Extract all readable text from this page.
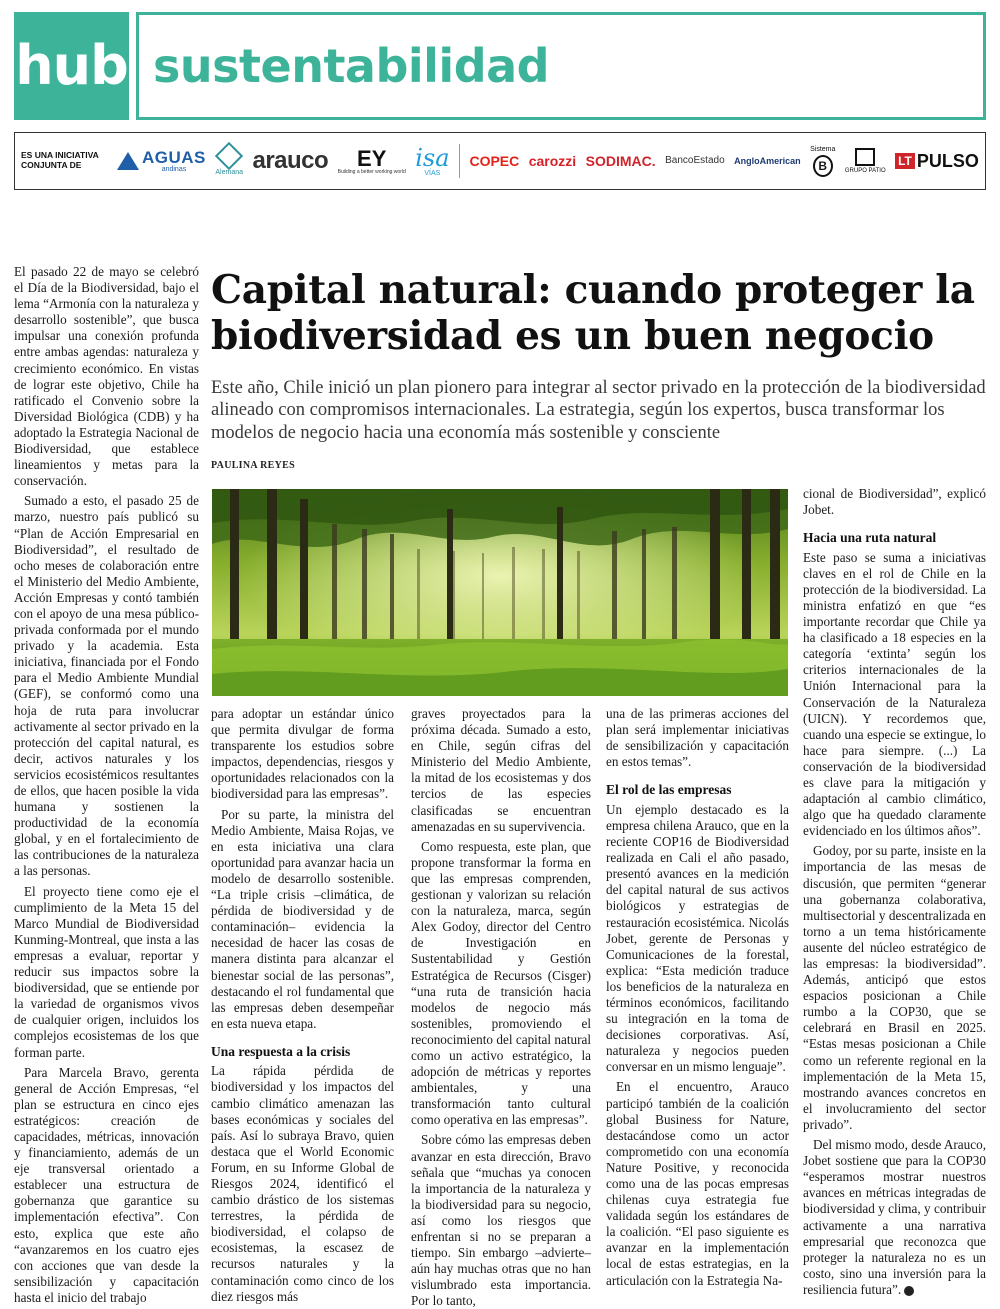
hub sustentabilidad
ES UNA INICIATIVA CONJUNTA DE	AGUAS
andinas	Alemana arauco EY
Building a better working world isa
VÍAS
COPEC carozzi SODIMAC. BancoEstado AngloAmerican
Sistema
B	GRUPO PATIO
LT PULSO
Capital natural: cuando proteger la biodiversidad es un buen negocio
Este año, Chile inició un plan pionero para integrar al sector privado en la protección de la biodiversidad alineado con compromisos internacionales. La estrategia, según los expertos, busca transformar los modelos de negocio hacia una economía más sostenible y consciente
PAULINA REYES

El pasado 22 de mayo se celebró el Día de la Biodiversidad, bajo el lema “Armonía con la naturaleza y desarrollo sostenible”, que busca impulsar una conexión profunda entre ambas agendas: naturaleza y crecimiento económico. En vistas de lograr este objetivo, Chile ha ratificado el Convenio sobre la Diversidad Biológica (CDB) y ha adoptado la Estrategia Nacional de Biodiversidad, que establece lineamientos y metas para la conservación.

Sumado a esto, el pasado 25 de marzo, nuestro país publicó su “Plan de Acción Empresarial en Biodiversidad”, el resultado de ocho meses de colaboración entre el Ministerio del Medio Ambiente, Acción Empresas y contó también con el apoyo de una mesa público-privada conformada por el mundo privado y la academia. Esta iniciativa, financiada por el Fondo para el Medio Ambiente Mundial (GEF), se conformó como una hoja de ruta para involucrar activamente al sector privado en la protección del capital natural, es decir, activos naturales y los servicios ecosistémicos resultantes de ellos, que hacen posible la vida humana y sostienen la productividad de la economía global, y en el fortalecimiento de las contribuciones de la naturaleza a las personas.

El proyecto tiene como eje el cumplimiento de la Meta 15 del Marco Mundial de Biodiversidad Kunming-Montreal, que insta a las empresas a evaluar, reportar y reducir sus impactos sobre la biodiversidad, que se entiende por la variedad de organismos vivos de cualquier origen, incluidos los complejos ecosistemas de los que forman parte.

Para Marcela Bravo, gerenta general de Acción Empresas, “el plan se estructura en cinco ejes estratégicos: creación de capacidades, métricas, innovación y financiamiento, además de un eje transversal orientado a establecer una estructura de gobernanza que garantice su implementación efectiva”. Con esto, explica que este año “avanzaremos en los cuatro ejes con acciones que van desde la sensibilización y capacitación hasta el inicio del trabajo

para adoptar un estándar único que permita divulgar de forma transparente los estudios sobre impactos, dependencias, riesgos y oportunidades relacionados con la biodiversidad para las empresas”.

Por su parte, la ministra del Medio Ambiente, Maisa Rojas, ve en esta iniciativa una clara oportunidad para avanzar hacia un modelo de desarrollo sostenible. “La triple crisis –climática, de pérdida de biodiversidad y de contaminación– evidencia la necesidad de hacer las cosas de manera distinta para alcanzar el bienestar social de las personas”, destacando el rol fundamental que las empresas deben desempeñar en esta nueva etapa.

Una respuesta a la crisis

La rápida pérdida de biodiversidad y los impactos del cambio climático amenazan las bases económicas y sociales del país. Así lo subraya Bravo, quien destaca que el World Economic Forum, en su Informe Global de Riesgos 2024, identificó el cambio drástico de los sistemas terrestres, la pérdida de biodiversidad, el colapso de ecosistemas, la escasez de recursos naturales y la contaminación como cinco de los diez riesgos más

graves proyectados para la próxima década. Sumado a esto, en Chile, según cifras del Ministerio del Medio Ambiente, la mitad de los ecosistemas y dos tercios de las especies clasificadas se encuentran amenazadas en su supervivencia.

Como respuesta, este plan, que propone transformar la forma en que las empresas comprenden, gestionan y valorizan su relación con la naturaleza, marca, según Alex Godoy, director del Centro de Investigación en Sustentabilidad y Gestión Estratégica de Recursos (Cisger) “una ruta de transición hacia modelos de negocio más sostenibles, promoviendo el reconocimiento del capital natural como un activo estratégico, la adopción de métricas y reportes ambientales, y una transformación tanto cultural como operativa en las empresas”.

Sobre cómo las empresas deben avanzar en esta dirección, Bravo señala que “muchas ya conocen la importancia de la naturaleza y la biodiversidad para su negocio, así como los riesgos que enfrentan si no se preparan a tiempo. Sin embargo –advierte– aún hay muchas otras que no han vislumbrado esta importancia. Por lo tanto,

una de las primeras acciones del plan será implementar iniciativas de sensibilización y capacitación en estos temas”.

El rol de las empresas

Un ejemplo destacado es la empresa chilena Arauco, que en la reciente COP16 de Biodiversidad realizada en Cali el año pasado, presentó avances en la medición del capital natural de sus activos biológicos y estrategias de restauración ecosistémica. Nicolás Jobet, gerente de Personas y Comunicaciones de la forestal, explica: “Esta medición traduce los beneficios de la naturaleza en términos económicos, facilitando su integración en la toma de decisiones corporativas. Así, naturaleza y negocios pueden conversar en un mismo lenguaje”.

En el encuentro, Arauco participó también de la coalición global Business for Nature, destacándose como un actor comprometido con una economía Nature Positive, y reconocida como una de las pocas empresas chilenas cuya estrategia fue validada según los estándares de la coalición. “El paso siguiente es avanzar en la implementación local de estas estrategias, en la articulación con la Estrategia Na-

cional de Biodiversidad”, explicó Jobet.

Hacia una ruta natural

Este paso se suma a iniciativas claves en el rol de Chile en la protección de la biodiversidad. La ministra enfatizó en que “es importante recordar que Chile ya ha clasificado a 18 especies en la categoría ‘extinta’ según los criterios internacionales de la Unión Internacional para la Conservación de la Naturaleza (UICN). Y recordemos que, cuando una especie se extingue, lo hace para siempre. (...) La conservación de la biodiversidad es clave para la mitigación y adaptación al cambio climático, algo que ha quedado claramente evidenciado en los últimos años”.

Godoy, por su parte, insiste en la importancia de las mesas de discusión, que permiten “generar una gobernanza colaborativa, multisectorial y descentralizada en torno a un tema históricamente ausente del núcleo estratégico de las empresas: la biodiversidad”. Además, anticipó que estos espacios posicionan a Chile rumbo a la COP30, que se celebrará en Brasil en 2025. “Estas mesas posicionan a Chile como un referente regional en la implementación de la Meta 15, mostrando avances concretos en el involucramiento del sector privado”.

Del mismo modo, desde Arauco, Jobet sostiene que para la COP30 “esperamos mostrar nuestros avances en métricas integradas de biodiversidad y clima, y contribuir activamente a una narrativa empresarial que reconozca que proteger la naturaleza no es un costo, sino una inversión para la resiliencia futura”.
